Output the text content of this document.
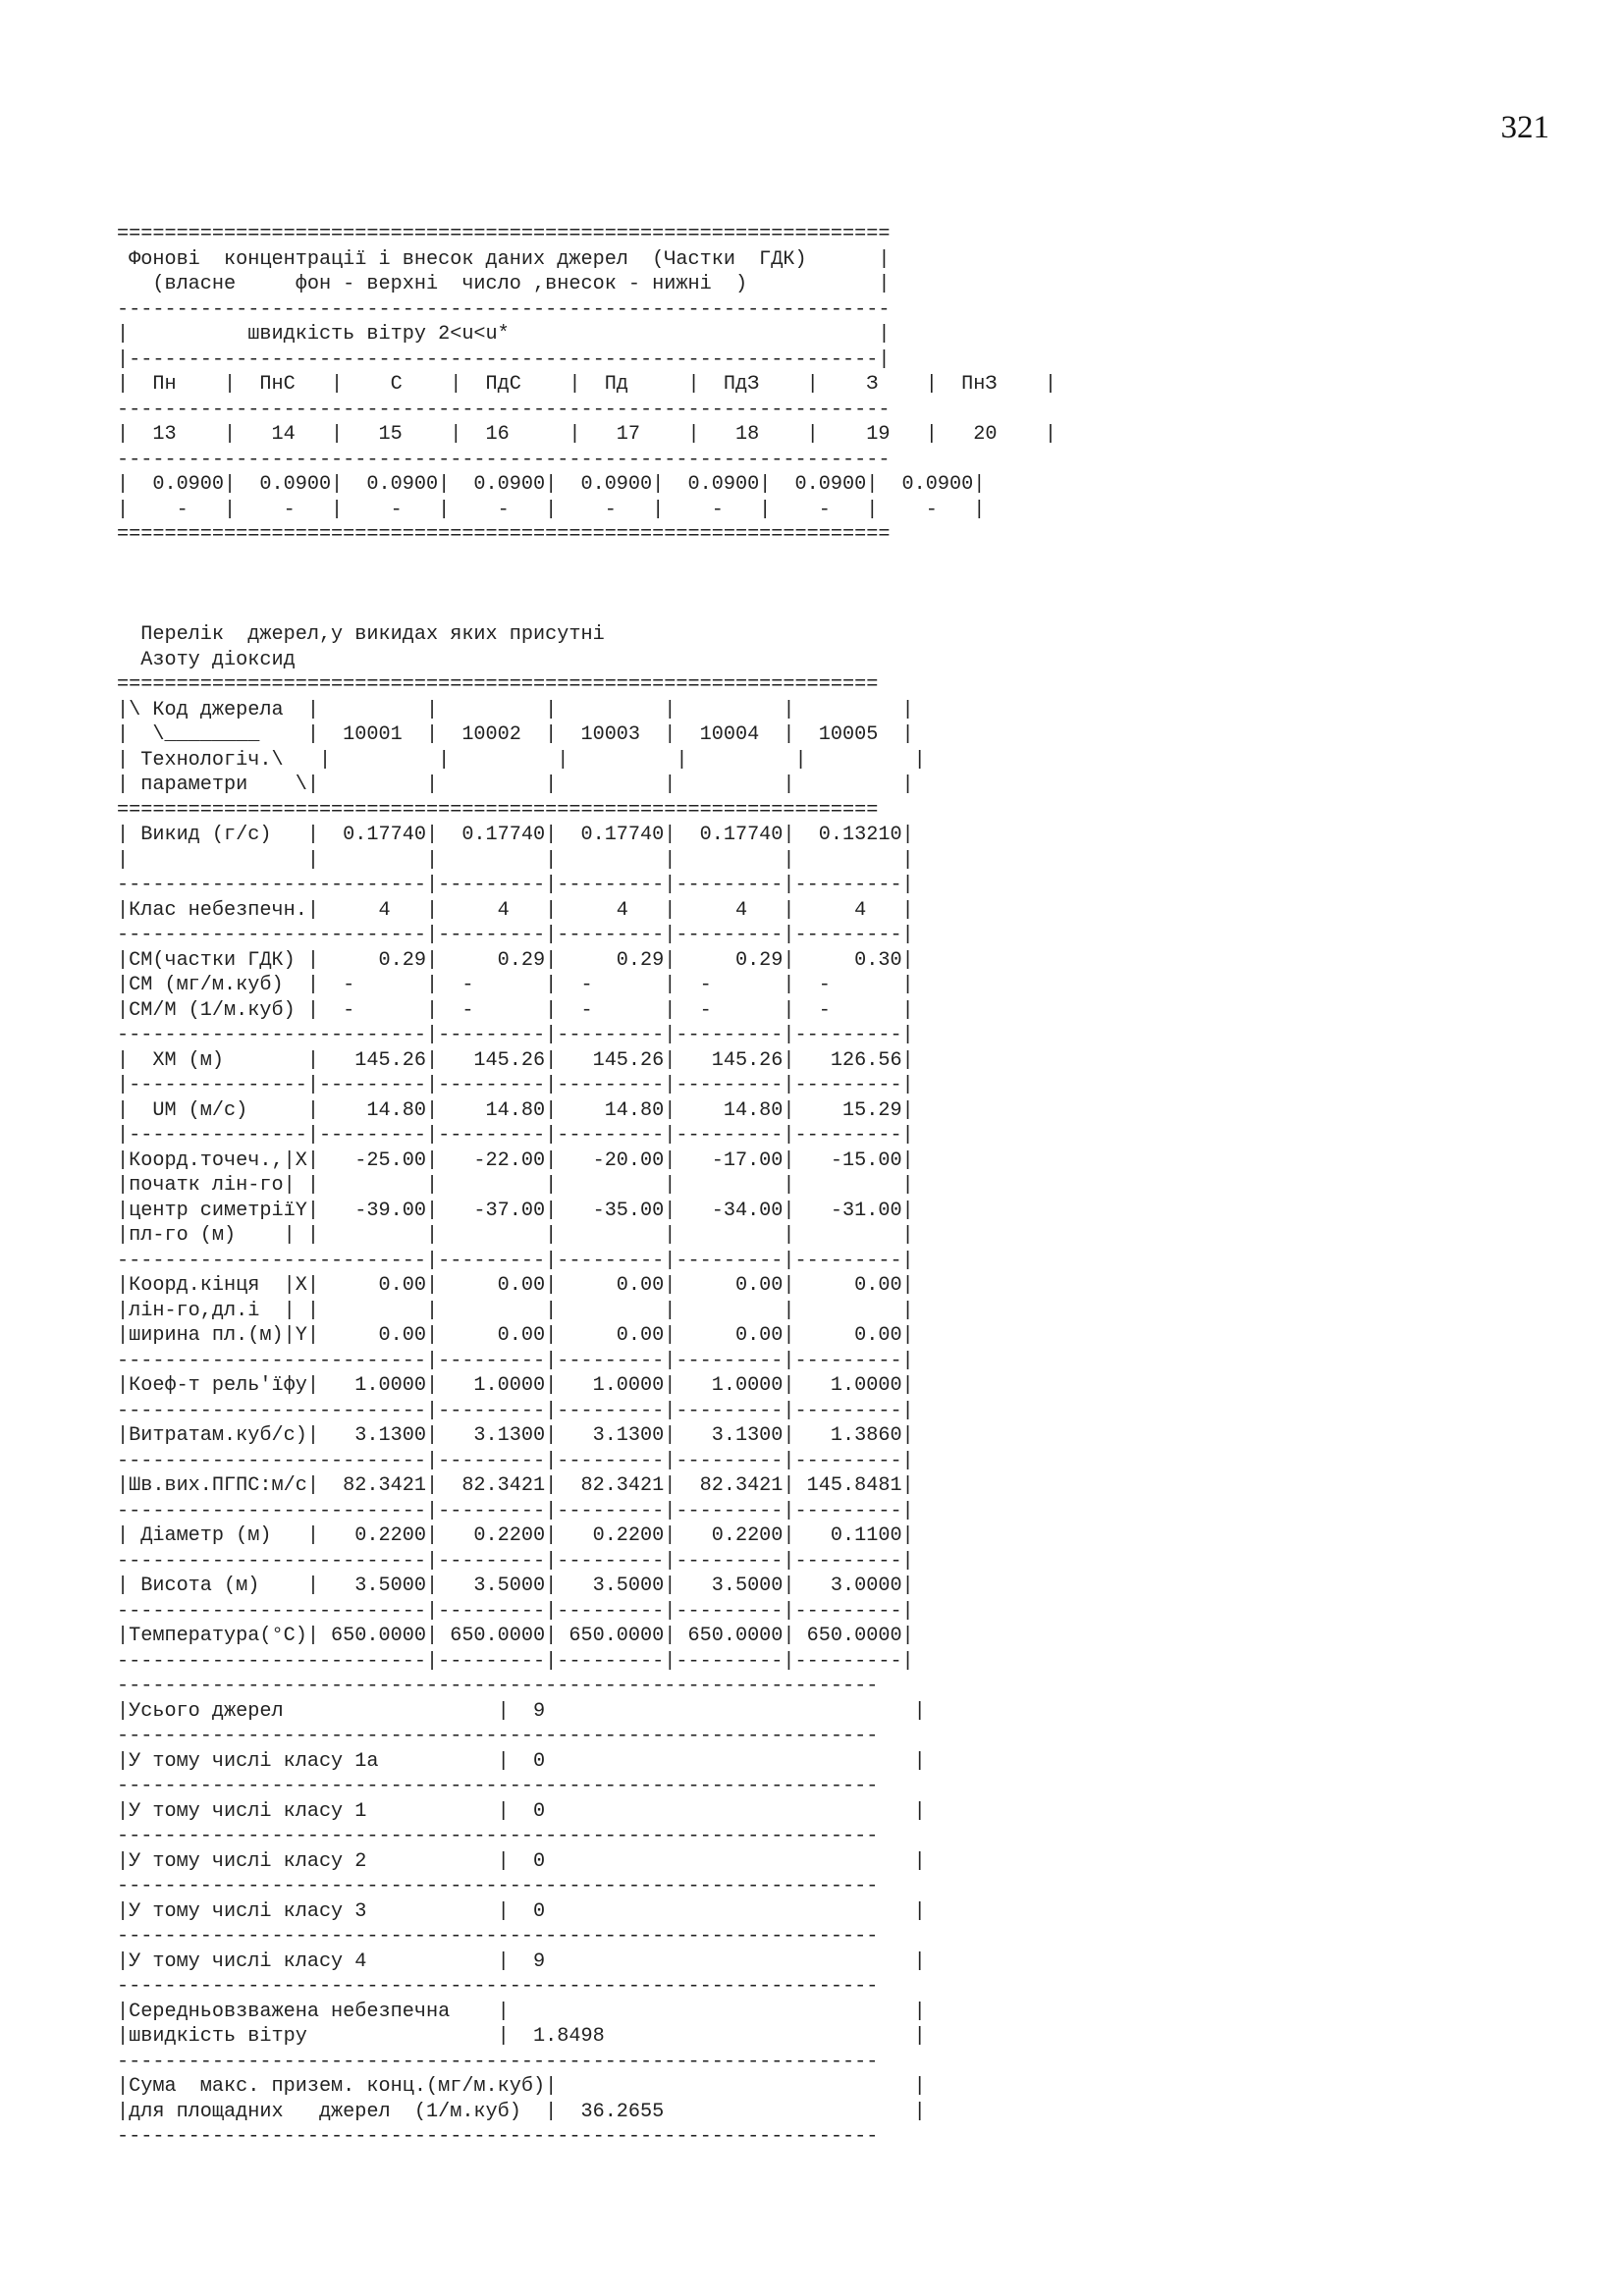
321
=================================================================
Фонові  концентрації і внесок даних джерел  (Частки  ГДК)      |
(власне     фон - верхні  число ,внесок - нижні  )           |
-----------------------------------------------------------------
|          швидкість вітру 2<u<u*                               |
|---------------------------------------------------------------|
|  Пн    |  ПнС   |    С    |  ПдС    |  Пд     |  ПдЗ    |    З    |  ПнЗ    |
-----------------------------------------------------------------
|  13    |   14   |   15    |  16     |   17    |   18    |    19   |   20    |
-----------------------------------------------------------------
|  0.0900|  0.0900|  0.0900|  0.0900|  0.0900|  0.0900|  0.0900|  0.0900|
|    -   |    -   |    -   |    -   |    -   |    -   |    -   |    -   |
=================================================================
Перелік  джерел,у викидах яких присутні
Азоту діоксид
================================================================
|\ Код джерела  |         |         |         |         |         |
|  \________    |  10001  |  10002  |  10003  |  10004  |  10005  |
| Технологіч.\   |         |         |         |         |         |
| параметри    \|         |         |         |         |         |
================================================================
| Викид (г/с)   |  0.17740|  0.17740|  0.17740|  0.17740|  0.13210|
|               |         |         |         |         |         |
--------------------------|---------|---------|---------|---------|
|Клас небезпечн.|     4   |     4   |     4   |     4   |     4   |
--------------------------|---------|---------|---------|---------|
|CM(частки ГДК) |     0.29|     0.29|     0.29|     0.29|     0.30|
|CM (мг/м.куб)  |  -      |  -      |  -      |  -      |  -      |
|CM/M (1/м.куб) |  -      |  -      |  -      |  -      |  -      |
--------------------------|---------|---------|---------|---------|
|  XM (м)       |   145.26|   145.26|   145.26|   145.26|   126.56|
|---------------|---------|---------|---------|---------|---------|
|  UM (м/с)     |    14.80|    14.80|    14.80|    14.80|    15.29|
|---------------|---------|---------|---------|---------|---------|
|Коорд.точеч.,|X|   -25.00|   -22.00|   -20.00|   -17.00|   -15.00|
|початк лін-го| |         |         |         |         |         |
|центр симетріїY|   -39.00|   -37.00|   -35.00|   -34.00|   -31.00|
|пл-го (м)    | |         |         |         |         |         |
--------------------------|---------|---------|---------|---------|
|Коорд.кінця  |X|     0.00|     0.00|     0.00|     0.00|     0.00|
|лін-го,дл.і  | |         |         |         |         |         |
|ширина пл.(м)|Y|     0.00|     0.00|     0.00|     0.00|     0.00|
--------------------------|---------|---------|---------|---------|
|Коеф-т рель'їфу|   1.0000|   1.0000|   1.0000|   1.0000|   1.0000|
--------------------------|---------|---------|---------|---------|
|Витратам.куб/с)|   3.1300|   3.1300|   3.1300|   3.1300|   1.3860|
--------------------------|---------|---------|---------|---------|
|Шв.вих.ПГПС:м/с|  82.3421|  82.3421|  82.3421|  82.3421| 145.8481|
--------------------------|---------|---------|---------|---------|
| Діаметр (м)   |   0.2200|   0.2200|   0.2200|   0.2200|   0.1100|
--------------------------|---------|---------|---------|---------|
| Висота (м)    |   3.5000|   3.5000|   3.5000|   3.5000|   3.0000|
--------------------------|---------|---------|---------|---------|
|Температура(°C)| 650.0000| 650.0000| 650.0000| 650.0000| 650.0000|
--------------------------|---------|---------|---------|---------|
----------------------------------------------------------------
|Усього джерел                  |  9                               |
----------------------------------------------------------------
|У тому числі класу 1а          |  0                               |
----------------------------------------------------------------
|У тому числі класу 1           |  0                               |
----------------------------------------------------------------
|У тому числі класу 2           |  0                               |
----------------------------------------------------------------
|У тому числі класу 3           |  0                               |
----------------------------------------------------------------
|У тому числі класу 4           |  9                               |
----------------------------------------------------------------
|Середньовзважена небезпечна    |                                  |
|швидкість вітру                |  1.8498                          |
----------------------------------------------------------------
|Сума  макс. призем. конц.(мг/м.куб)|                              |
|для площадних   джерел  (1/м.куб)  |  36.2655                     |
----------------------------------------------------------------
